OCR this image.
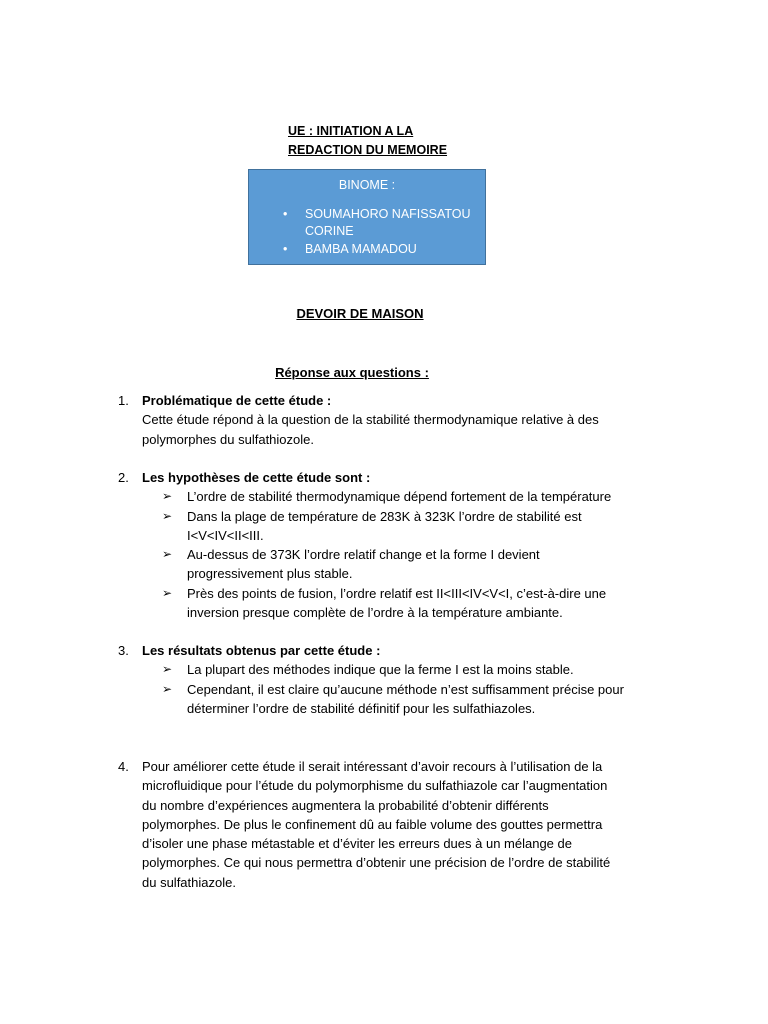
UE : INITIATION A LA
REDACTION DU MEMOIRE
BINOME :
• SOUMAHORO NAFISSATOU
CORINE
• BAMBA MAMADOU
DEVOIR DE MAISON
Réponse aux questions :
1. Problématique de cette étude :
Cette étude répond à la question de la stabilité thermodynamique relative à des
polymorphes du sulfathiozole.
2. Les hypothèses de cette étude sont :
➢ L’ordre de stabilité thermodynamique dépend fortement de la température
➢ Dans la plage de température de 283K à 323K l’ordre de stabilité est
I<V<IV<II<III.
➢ Au-dessus de 373K l’ordre relatif change et la forme I devient
progressivement plus stable.
➢ Près des points de fusion, l’ordre relatif est II<III<IV<V<I, c’est-à-dire une
inversion presque complète de l’ordre à la température ambiante.
3. Les résultats obtenus par cette étude :
➢ La plupart des méthodes indique que la ferme I est la moins stable.
➢ Cependant, il est claire qu’aucune méthode n’est suffisamment précise pour
déterminer l’ordre de stabilité définitif pour les sulfathiazoles.
4. Pour améliorer cette étude il serait intéressant d’avoir recours à l’utilisation de la
microfluidique pour l’étude du polymorphisme du sulfathiazole car l’augmentation
du nombre d’expériences augmentera la probabilité d’obtenir différents
polymorphes. De plus le confinement dû au faible volume des gouttes permettra
d’isoler une phase métastable et d’éviter les erreurs dues à un mélange de
polymorphes. Ce qui nous permettra d’obtenir une précision de l’ordre de stabilité
du sulfathiazole.
